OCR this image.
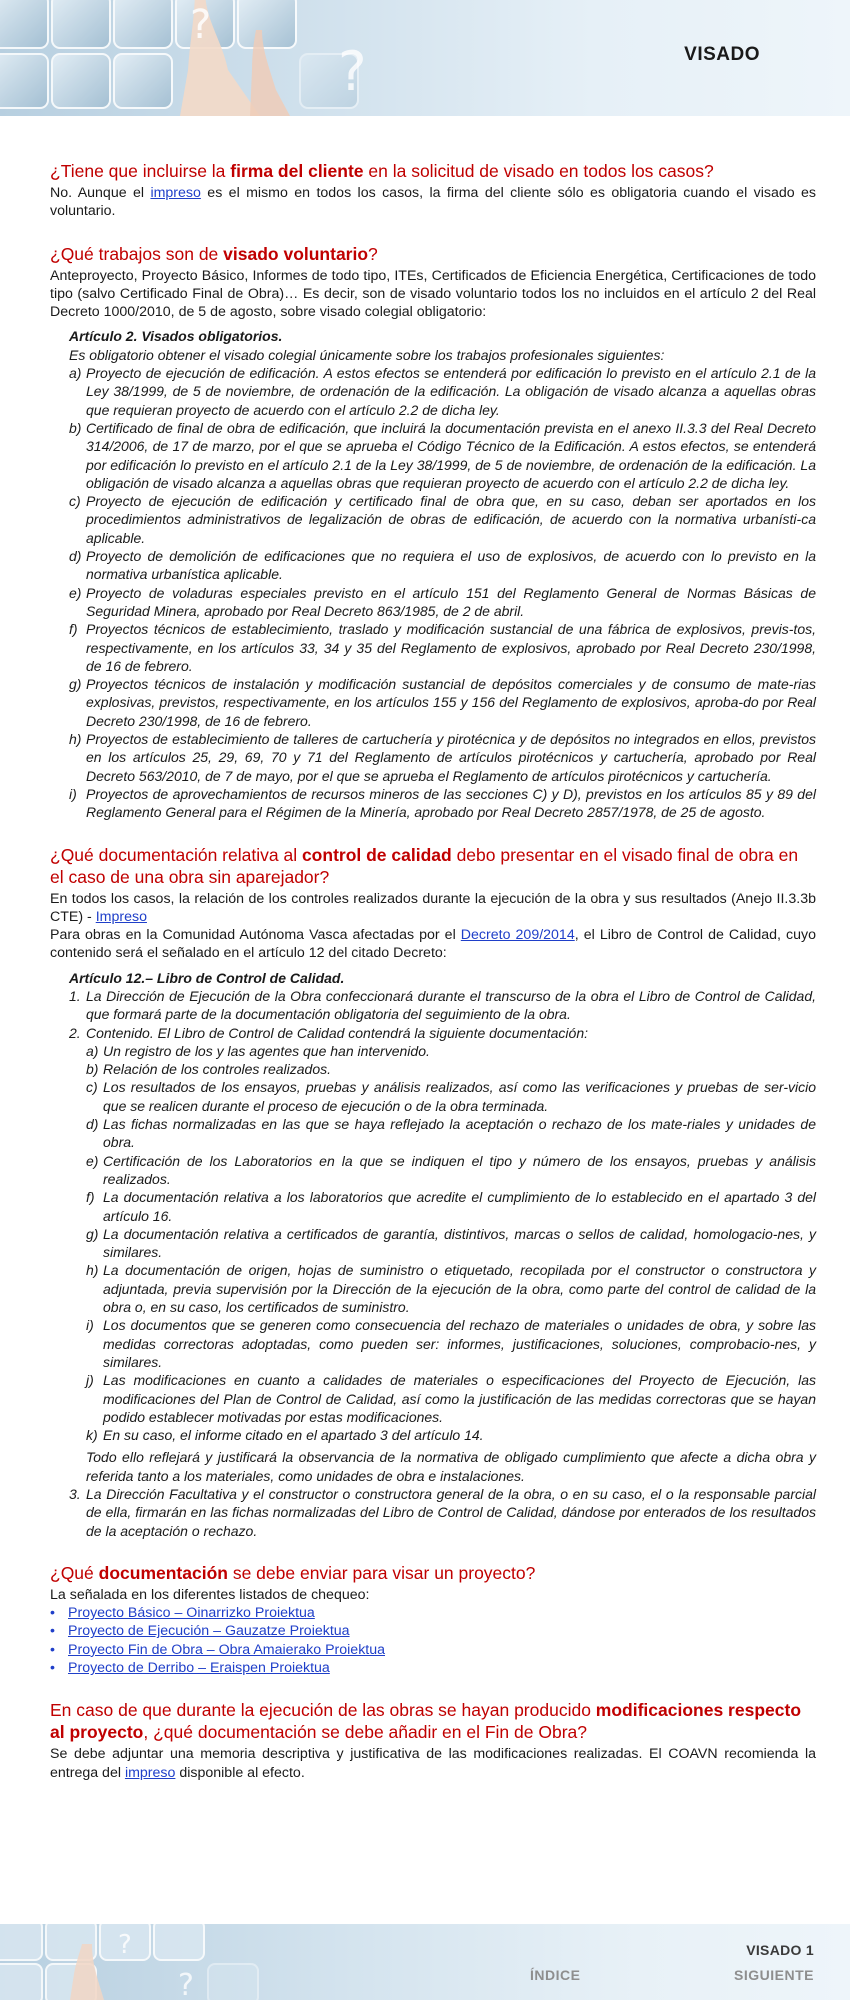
?
?	VISADO
¿Tiene que incluirse la firma del cliente en la solicitud de visado en todos los casos?

No. Aunque el impreso es el mismo en todos los casos, la firma del cliente sólo es obligatoria cuando el visado es voluntario.

¿Qué trabajos son de visado voluntario?

Anteproyecto, Proyecto Básico, Informes de todo tipo, ITEs, Certificados de Eficiencia Energética, Certificaciones de todo tipo (salvo Certificado Final de Obra)… Es decir, son de visado voluntario todos los no incluidos en el artículo 2 del Real Decreto 1000/2010, de 5 de agosto, sobre visado colegial obligatorio:

Artículo 2. Visados obligatorios.
Es obligatorio obtener el visado colegial únicamente sobre los trabajos profesionales siguientes:
a) Proyecto de ejecución de edificación. A estos efectos se entenderá por edificación lo previsto en el artículo 2.1 de la Ley 38/1999, de 5 de noviembre, de ordenación de la edificación. La obligación de visado alcanza a aquellas obras que requieran proyecto de acuerdo con el artículo 2.2 de dicha ley.
b) Certificado de final de obra de edificación, que incluirá la documentación prevista en el anexo II.3.3 del Real Decreto 314/2006, de 17 de marzo, por el que se aprueba el Código Técnico de la Edificación. A estos efectos, se entenderá por edificación lo previsto en el artículo 2.1 de la Ley 38/1999, de 5 de noviembre, de ordenación de la edificación. La obligación de visado alcanza a aquellas obras que requieran proyecto de acuerdo con el artículo 2.2 de dicha ley.
c) Proyecto de ejecución de edificación y certificado final de obra que, en su caso, deban ser aportados en los procedimientos administrativos de legalización de obras de edificación, de acuerdo con la normativa urbanísti-ca aplicable.
d) Proyecto de demolición de edificaciones que no requiera el uso de explosivos, de acuerdo con lo previsto en la normativa urbanística aplicable.
e) Proyecto de voladuras especiales previsto en el artículo 151 del Reglamento General de Normas Básicas de Seguridad Minera, aprobado por Real Decreto 863/1985, de 2 de abril.
f) Proyectos técnicos de establecimiento, traslado y modificación sustancial de una fábrica de explosivos, previs-tos, respectivamente, en los artículos 33, 34 y 35 del Reglamento de explosivos, aprobado por Real Decreto 230/1998, de 16 de febrero.
g) Proyectos técnicos de instalación y modificación sustancial de depósitos comerciales y de consumo de mate-rias explosivas, previstos, respectivamente, en los artículos 155 y 156 del Reglamento de explosivos, aproba-do por Real Decreto 230/1998, de 16 de febrero.
h) Proyectos de establecimiento de talleres de cartuchería y pirotécnica y de depósitos no integrados en ellos, previstos en los artículos 25, 29, 69, 70 y 71 del Reglamento de artículos pirotécnicos y cartuchería, aprobado por Real Decreto 563/2010, de 7 de mayo, por el que se aprueba el Reglamento de artículos pirotécnicos y cartuchería.
i) Proyectos de aprovechamientos de recursos mineros de las secciones C) y D), previstos en los artículos 85 y 89 del Reglamento General para el Régimen de la Minería, aprobado por Real Decreto 2857/1978, de 25 de agosto.
¿Qué documentación relativa al control de calidad debo presentar en el visado final de obra en el caso de una obra sin aparejador?

En todos los casos, la relación de los controles realizados durante la ejecución de la obra y sus resultados (Anejo II.3.3b CTE) - Impreso

Para obras en la Comunidad Autónoma Vasca afectadas por el Decreto 209/2014, el Libro de Control de Calidad, cuyo contenido será el señalado en el artículo 12 del citado Decreto:

Artículo 12.– Libro de Control de Calidad.
1. La Dirección de Ejecución de la Obra confeccionará durante el transcurso de la obra el Libro de Control de Calidad, que formará parte de la documentación obligatoria del seguimiento de la obra.
2. Contenido. El Libro de Control de Calidad contendrá la siguiente documentación:
a) Un registro de los y las agentes que han intervenido.
b) Relación de los controles realizados.
c) Los resultados de los ensayos, pruebas y análisis realizados, así como las verificaciones y pruebas de ser-vicio que se realicen durante el proceso de ejecución o de la obra terminada.
d) Las fichas normalizadas en las que se haya reflejado la aceptación o rechazo de los mate-riales y unidades de obra.
e) Certificación de los Laboratorios en la que se indiquen el tipo y número de los ensayos, pruebas y análisis realizados.
f) La documentación relativa a los laboratorios que acredite el cumplimiento de lo establecido en el apartado 3 del artículo 16.
g) La documentación relativa a certificados de garantía, distintivos, marcas o sellos de calidad, homologacio-nes, y similares.
h) La documentación de origen, hojas de suministro o etiquetado, recopilada por el constructor o constructora y adjuntada, previa supervisión por la Dirección de la ejecución de la obra, como parte del control de calidad de la obra o, en su caso, los certificados de suministro.
i) Los documentos que se generen como consecuencia del rechazo de materiales o unidades de obra, y sobre las medidas correctoras adoptadas, como pueden ser: informes, justificaciones, soluciones, comprobacio-nes, y similares.
j) Las modificaciones en cuanto a calidades de materiales o especificaciones del Proyecto de Ejecución, las modificaciones del Plan de Control de Calidad, así como la justificación de las medidas correctoras que se hayan podido establecer motivadas por estas modificaciones.
k) En su caso, el informe citado en el apartado 3 del artículo 14.
Todo ello reflejará y justificará la observancia de la normativa de obligado cumplimiento que afecte a dicha obra y referida tanto a los materiales, como unidades de obra e instalaciones.
3. La Dirección Facultativa y el constructor o constructora general de la obra, o en su caso, el o la responsable parcial de ella, firmarán en las fichas normalizadas del Libro de Control de Calidad, dándose por enterados de los resultados de la aceptación o rechazo.
¿Qué documentación se debe enviar para visar un proyecto?

La señalada en los diferentes listados de chequeo:

• Proyecto Básico – Oinarrizko Proiektua
• Proyecto de Ejecución – Gauzatze Proiektua
• Proyecto Fin de Obra – Obra Amaierako Proiektua
• Proyecto de Derribo – Eraispen Proiektua
En caso de que durante la ejecución de las obras se hayan producido modificaciones respecto al proyecto, ¿qué documentación se debe añadir en el Fin de Obra?

Se debe adjuntar una memoria descriptiva y justificativa de las modificaciones realizadas. El COAVN recomienda la entrega del impreso disponible al efecto.

?
?
VISADO 1
ÍNDICE	SIGUIENTE
